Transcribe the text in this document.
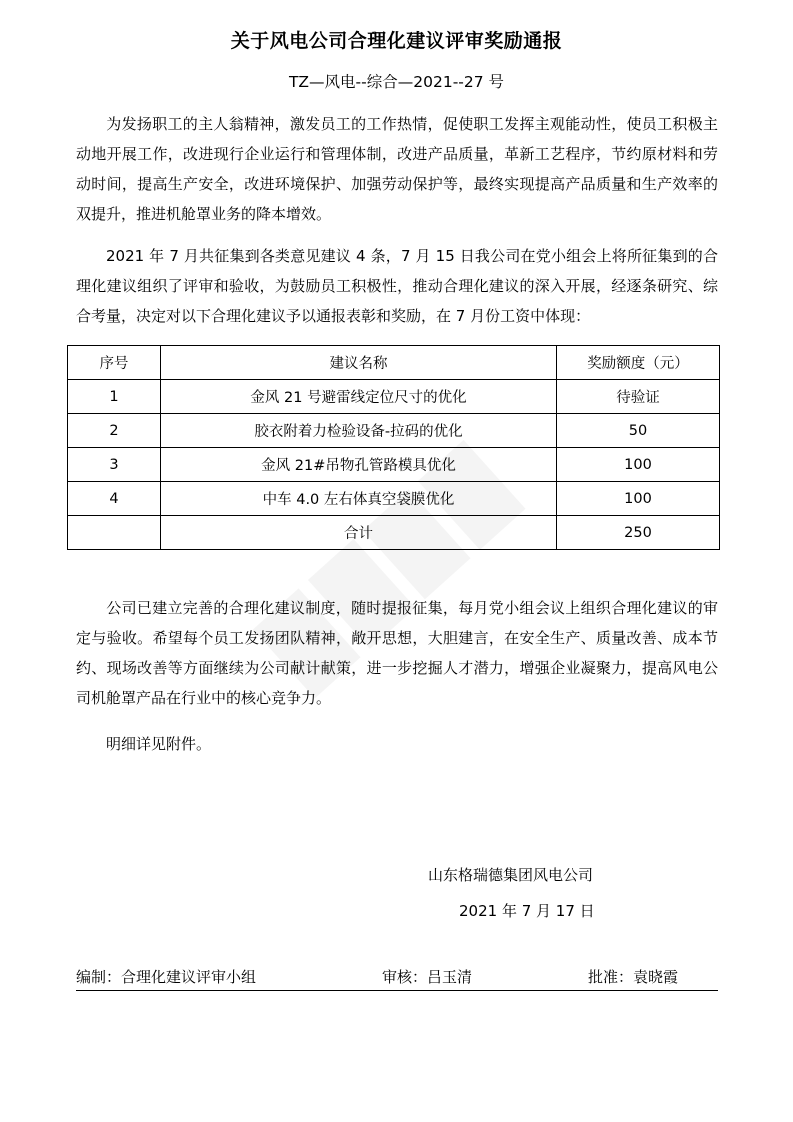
关于风电公司合理化建议评审奖励通报
TZ—风电--综合—2021--27 号

为发扬职工的主人翁精神，激发员工的工作热情，促使职工发挥主观能动性，使员工积极主动地开展工作，改进现行企业运行和管理体制，改进产品质量，革新工艺程序，节约原材料和劳动时间，提高生产安全，改进环境保护、加强劳动保护等，最终实现提高产品质量和生产效率的双提升，推进机舱罩业务的降本增效。

2021 年 7 月共征集到各类意见建议 4 条，7 月 15 日我公司在党小组会上将所征集到的合理化建议组织了评审和验收，为鼓励员工积极性，推动合理化建议的深入开展，经逐条研究、综合考量，决定对以下合理化建议予以通报表彰和奖励，在 7 月份工资中体现：

序号	建议名称	奖励额度（元）
1	金风 21 号避雷线定位尺寸的优化	待验证
2	胶衣附着力检验设备-拉码的优化	50
3	金风 21#吊物孔管路模具优化	100
4	中车 4.0 左右体真空袋膜优化	100
	合计	250

公司已建立完善的合理化建议制度，随时提报征集，每月党小组会议上组织合理化建议的审定与验收。希望每个员工发扬团队精神，敞开思想，大胆建言，在安全生产、质量改善、成本节约、现场改善等方面继续为公司献计献策，进一步挖掘人才潜力，增强企业凝聚力，提高风电公司机舱罩产品在行业中的核心竞争力。

明细详见附件。

山东格瑞德集团风电公司
2021 年 7 月 17 日
编制：合理化建议评审小组	审核：吕玉清	批准：袁晓霞
